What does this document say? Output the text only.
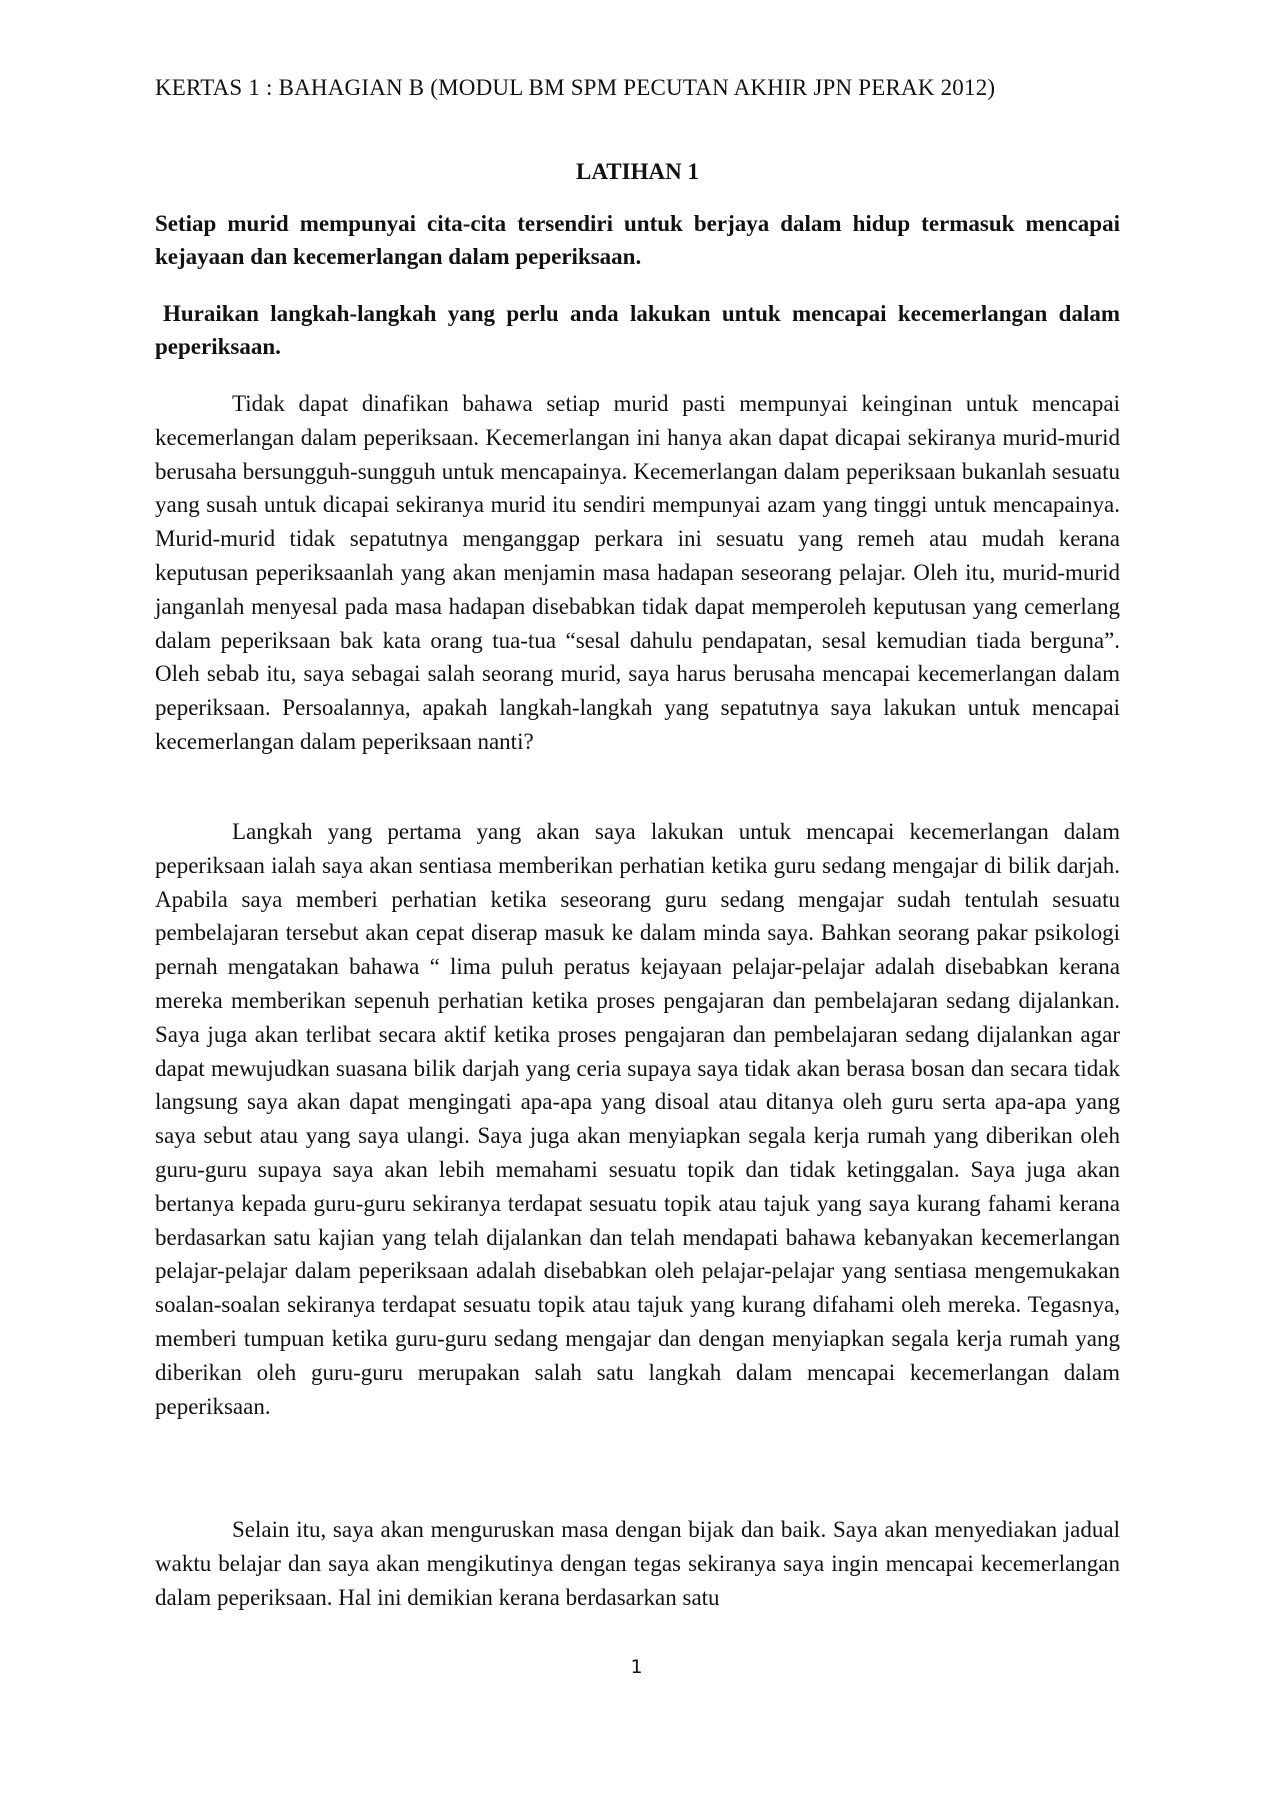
KERTAS 1 : BAHAGIAN B (MODUL BM SPM PECUTAN AKHIR JPN PERAK 2012)
LATIHAN 1
Setiap murid mempunyai cita-cita tersendiri untuk berjaya dalam hidup termasuk mencapai kejayaan dan kecemerlangan dalam peperiksaan.
Huraikan langkah-langkah yang perlu anda lakukan untuk mencapai kecemerlangan dalam peperiksaan.
Tidak dapat dinafikan bahawa setiap murid pasti mempunyai keinginan untuk mencapai kecemerlangan dalam peperiksaan. Kecemerlangan ini hanya akan dapat dicapai sekiranya murid-murid berusaha bersungguh-sungguh untuk mencapainya. Kecemerlangan dalam peperiksaan bukanlah sesuatu yang susah untuk dicapai sekiranya murid itu sendiri mempunyai azam yang tinggi untuk mencapainya. Murid-murid tidak sepatutnya menganggap perkara ini sesuatu yang remeh atau mudah kerana keputusan peperiksaanlah yang akan menjamin masa hadapan seseorang pelajar. Oleh itu, murid-murid janganlah menyesal pada masa hadapan disebabkan tidak dapat memperoleh keputusan yang cemerlang dalam peperiksaan bak kata orang tua-tua “sesal dahulu pendapatan, sesal kemudian tiada berguna”. Oleh sebab itu, saya sebagai salah seorang murid, saya harus berusaha mencapai kecemerlangan dalam peperiksaan. Persoalannya, apakah langkah-langkah yang sepatutnya saya lakukan untuk mencapai kecemerlangan dalam peperiksaan nanti?
Langkah yang pertama yang akan saya lakukan untuk mencapai kecemerlangan dalam peperiksaan ialah saya akan sentiasa memberikan perhatian ketika guru sedang mengajar di bilik darjah. Apabila saya memberi perhatian ketika seseorang guru sedang mengajar sudah tentulah sesuatu pembelajaran tersebut akan cepat diserap masuk ke dalam minda saya. Bahkan seorang pakar psikologi pernah mengatakan bahawa “ lima puluh peratus kejayaan pelajar-pelajar adalah disebabkan kerana mereka memberikan sepenuh perhatian ketika proses pengajaran dan pembelajaran sedang dijalankan. Saya juga akan terlibat secara aktif ketika proses pengajaran dan pembelajaran sedang dijalankan agar dapat mewujudkan suasana bilik darjah yang ceria supaya saya tidak akan berasa bosan dan secara tidak langsung saya akan dapat mengingati apa-apa yang disoal atau ditanya oleh guru serta apa-apa yang saya sebut atau yang saya ulangi. Saya juga akan menyiapkan segala kerja rumah yang diberikan oleh guru-guru supaya saya akan lebih memahami sesuatu topik dan tidak ketinggalan. Saya juga akan bertanya kepada guru-guru sekiranya terdapat sesuatu topik atau tajuk yang saya kurang fahami kerana berdasarkan satu kajian yang telah dijalankan dan telah mendapati bahawa kebanyakan kecemerlangan pelajar-pelajar dalam peperiksaan adalah disebabkan oleh pelajar-pelajar yang sentiasa mengemukakan soalan-soalan sekiranya terdapat sesuatu topik atau tajuk yang kurang difahami oleh mereka. Tegasnya, memberi tumpuan ketika guru-guru sedang mengajar dan dengan menyiapkan segala kerja rumah yang diberikan oleh guru-guru merupakan salah satu langkah dalam mencapai kecemerlangan dalam peperiksaan.
Selain itu, saya akan menguruskan masa dengan bijak dan baik. Saya akan menyediakan jadual waktu belajar dan saya akan mengikutinya dengan tegas sekiranya saya ingin mencapai kecemerlangan dalam peperiksaan. Hal ini demikian kerana berdasarkan satu
1
